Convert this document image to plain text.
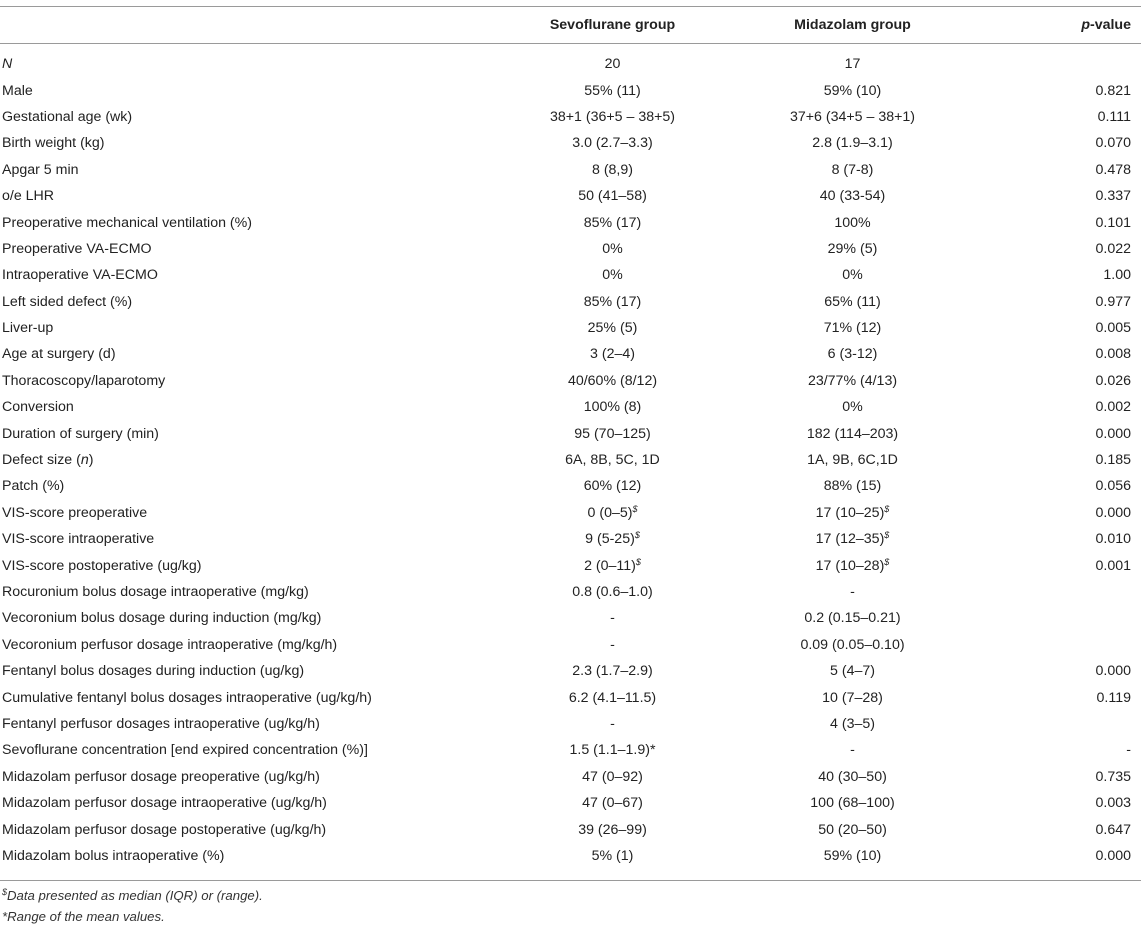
	Sevoflurane group	Midazolam group	p-value
N	20	17	
Male	55% (11)	59% (10)	0.821
Gestational age (wk)	38+1 (36+5 – 38+5)	37+6 (34+5 – 38+1)	0.111
Birth weight (kg)	3.0 (2.7–3.3)	2.8 (1.9–3.1)	0.070
Apgar 5 min	8 (8,9)	8 (7-8)	0.478
o/e LHR	50 (41–58)	40 (33-54)	0.337
Preoperative mechanical ventilation (%)	85% (17)	100%	0.101
Preoperative VA-ECMO	0%	29% (5)	0.022
Intraoperative VA-ECMO	0%	0%	1.00
Left sided defect (%)	85% (17)	65% (11)	0.977
Liver-up	25% (5)	71% (12)	0.005
Age at surgery (d)	3 (2–4)	6 (3-12)	0.008
Thoracoscopy/laparotomy	40/60% (8/12)	23/77% (4/13)	0.026
Conversion	100% (8)	0%	0.002
Duration of surgery (min)	95 (70–125)	182 (114–203)	0.000
Defect size (n)	6A, 8B, 5C, 1D	1A, 9B, 6C,1D	0.185
Patch (%)	60% (12)	88% (15)	0.056
VIS-score preoperative	0 (0–5)$	17 (10–25)$	0.000
VIS-score intraoperative	9 (5-25)$	17 (12–35)$	0.010
VIS-score postoperative (ug/kg)	2 (0–11)$	17 (10–28)$	0.001
Rocuronium bolus dosage intraoperative (mg/kg)	0.8 (0.6–1.0)	-	
Vecoronium bolus dosage during induction (mg/kg)	-	0.2 (0.15–0.21)	
Vecoronium perfusor dosage intraoperative (mg/kg/h)	-	0.09 (0.05–0.10)	
Fentanyl bolus dosages during induction (ug/kg)	2.3 (1.7–2.9)	5 (4–7)	0.000
Cumulative fentanyl bolus dosages intraoperative (ug/kg/h)	6.2 (4.1–11.5)	10 (7–28)	0.119
Fentanyl perfusor dosages intraoperative (ug/kg/h)	-	4 (3–5)	
Sevoflurane concentration [end expired concentration (%)]	1.5 (1.1–1.9)*	-	-
Midazolam perfusor dosage preoperative (ug/kg/h)	47 (0–92)	40 (30–50)	0.735
Midazolam perfusor dosage intraoperative (ug/kg/h)	47 (0–67)	100 (68–100)	0.003
Midazolam perfusor dosage postoperative (ug/kg/h)	39 (26–99)	50 (20–50)	0.647
Midazolam bolus intraoperative (%)	5% (1)	59% (10)	0.000
$Data presented as median (IQR) or (range).
*Range of the mean values.
